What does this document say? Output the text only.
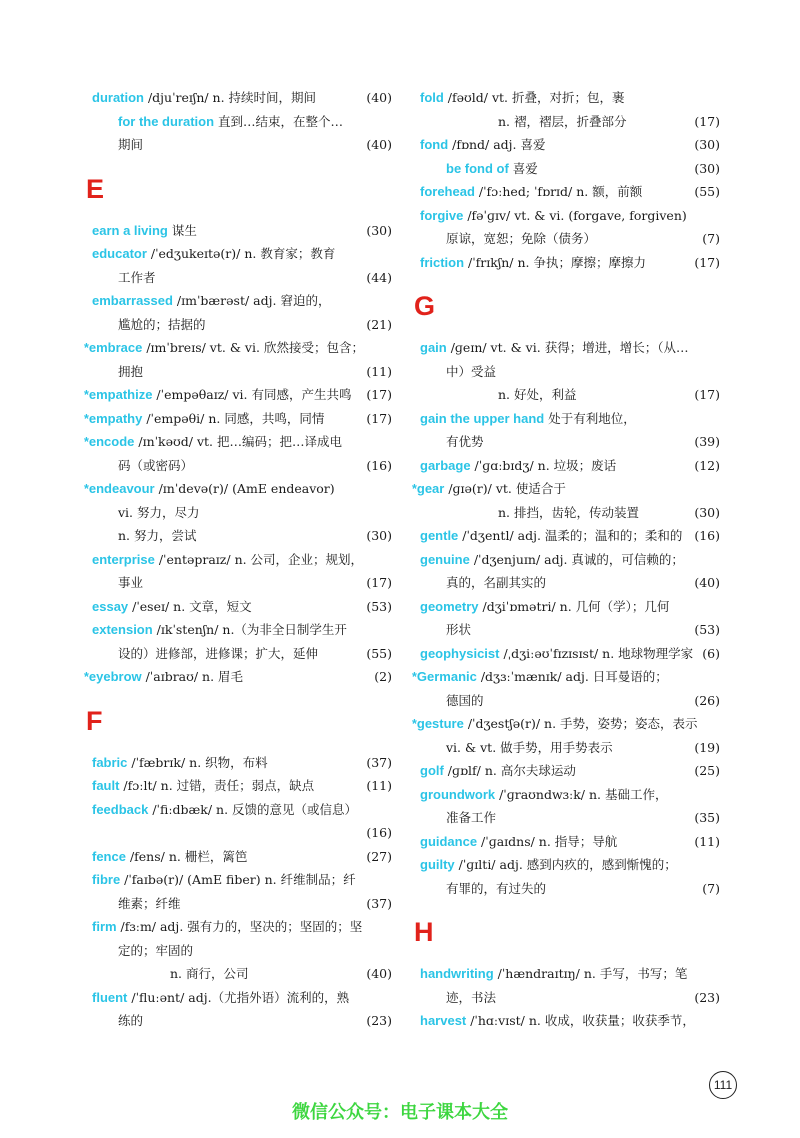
duration /djuˈreɪʃn/ n. 持续时间，期间	(40)
for the duration 直到…结束，在整个…
期间	(40)
E
earn a living 谋生	(30)
educator /ˈedʒukeɪtə(r)/ n. 教育家；教育
工作者	(44)
embarrassed /ɪmˈbærəst/ adj. 窘迫的，
尴尬的；拮据的	(21)
*embrace /ɪmˈbreɪs/ vt. & vi. 欣然接受；包含；
拥抱	(11)
*empathize /ˈempəθaɪz/ vi. 有同感，产生共鸣	(17)
*empathy /ˈempəθi/ n. 同感，共鸣，同情	(17)
*encode /ɪnˈkəʊd/ vt. 把…编码；把…译成电
码（或密码）	(16)
*endeavour /ɪnˈdevə(r)/ (AmE endeavor)
vi. 努力，尽力
n. 努力，尝试	(30)
enterprise /ˈentəpraɪz/ n. 公司，企业；规划，
事业	(17)
essay /ˈeseɪ/ n. 文章，短文	(53)
extension /ɪkˈstenʃn/ n.（为非全日制学生开
设的）进修部，进修课；扩大，延伸	(55)
*eyebrow /ˈaɪbraʊ/ n. 眉毛	(2)
F
fabric /ˈfæbrɪk/ n. 织物，布料	(37)
fault /fɔːlt/ n. 过错，责任；弱点，缺点	(11)
feedback /ˈfiːdbæk/ n. 反馈的意见（或信息）
(16)
fence /fens/ n. 栅栏，篱笆	(27)
fibre /ˈfaɪbə(r)/ (AmE fiber) n. 纤维制品；纤
维素；纤维	(37)
firm /fɜːm/ adj. 强有力的，坚决的；坚固的；坚
定的；牢固的
n. 商行，公司	(40)
fluent /ˈfluːənt/ adj.（尤指外语）流利的，熟
练的	(23)
fold /fəʊld/ vt. 折叠，对折；包，裹
n. 褶，褶层，折叠部分	(17)
fond /fɒnd/ adj. 喜爱	(30)
be fond of 喜爱	(30)
forehead /ˈfɔːhed; ˈfɒrɪd/ n. 额，前额	(55)
forgive /fəˈɡɪv/ vt. & vi. (forgave, forgiven)
原谅，宽恕；免除（债务）	(7)
friction /ˈfrɪkʃn/ n. 争执；摩擦；摩擦力	(17)
G
gain /ɡeɪn/ vt. & vi. 获得；增进，增长；（从…
中）受益
n. 好处，利益	(17)
gain the upper hand 处于有利地位，
有优势	(39)
garbage /ˈɡɑːbɪdʒ/ n. 垃圾；废话	(12)
*gear /ɡɪə(r)/ vt. 使适合于
n. 排挡，齿轮，传动装置	(30)
gentle /ˈdʒentl/ adj. 温柔的；温和的；柔和的 (16)
genuine /ˈdʒenjuɪn/ adj. 真诚的，可信赖的；
真的，名副其实的	(40)
geometry /dʒiˈɒmətri/ n. 几何（学）；几何
形状	(53)
geophysicist /ˌdʒiːəʊˈfɪzɪsɪst/ n. 地球物理学家 (6)
*Germanic /dʒɜːˈmænɪk/ adj. 日耳曼语的；
德国的	(26)
*gesture /ˈdʒestʃə(r)/ n. 手势，姿势；姿态，表示
vi. & vt. 做手势，用手势表示	(19)
golf /ɡɒlf/ n. 高尔夫球运动	(25)
groundwork /ˈɡraʊndwɜːk/ n. 基础工作，
准备工作	(35)
guidance /ˈɡaɪdns/ n. 指导；导航	(11)
guilty /ˈɡɪlti/ adj. 感到内疚的，感到惭愧的；
有罪的，有过失的	(7)
H
handwriting /ˈhændraɪtɪŋ/ n. 手写，书写；笔
迹，书法	(23)
harvest /ˈhɑːvɪst/ n. 收成，收获量；收获季节，
111
微信公众号：电子课本大全
